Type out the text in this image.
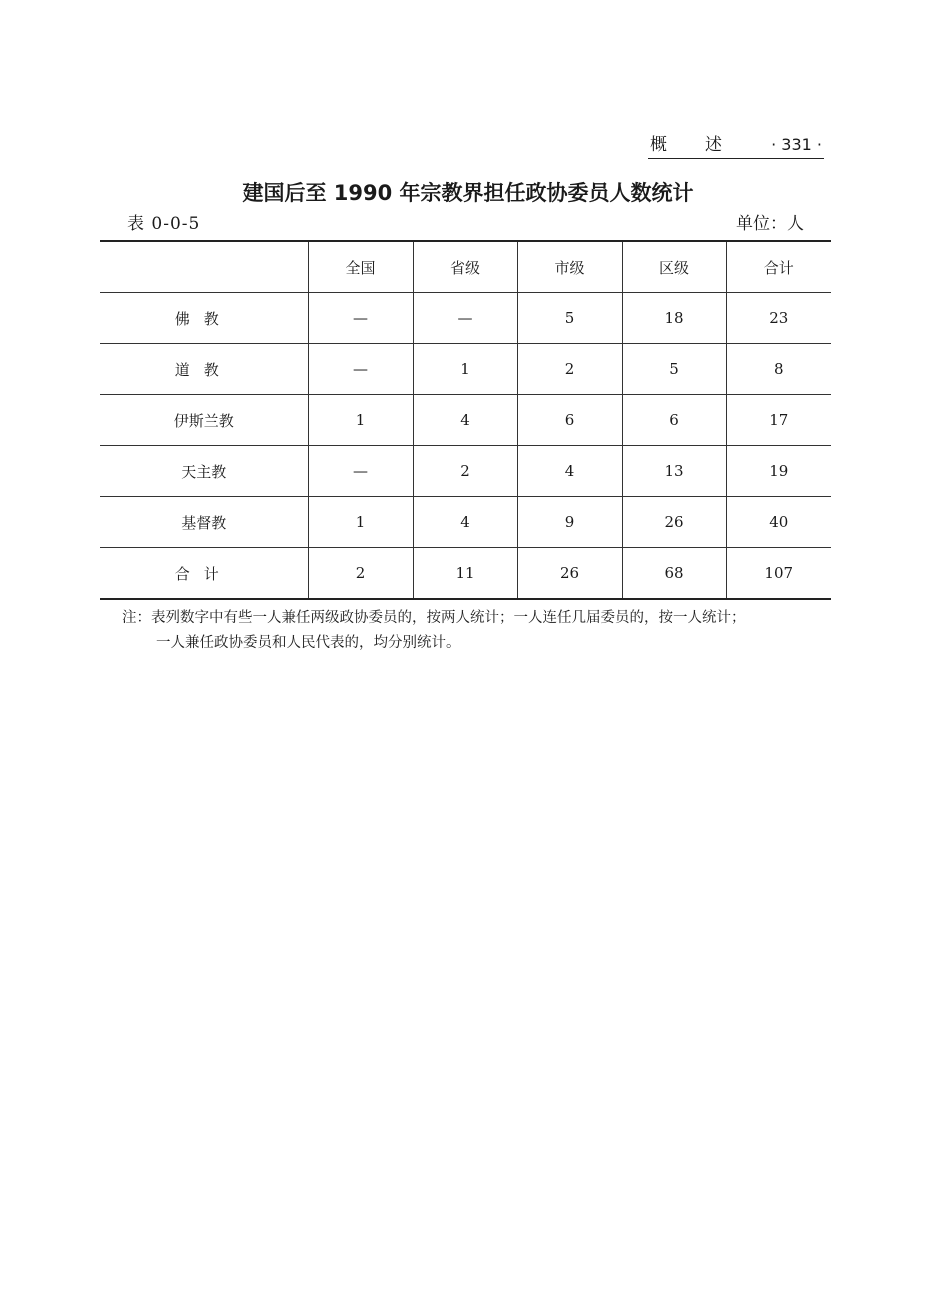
概述 · 331 ·
建国后至 1990 年宗教界担任政协委员人数统计
表 0-0-5	单位：人
	全国	省级	市级	区级	合计
佛教	—	—	5	18	23
道教	—	1	2	5	8
伊斯兰教	1	4	6	6	17
天主教	—	2	4	13	19
基督教	1	4	9	26	40
合计	2	11	26	68	107
注：表列数字中有些一人兼任两级政协委员的，按两人统计；一人连任几届委员的，按一人统计；
一人兼任政协委员和人民代表的，均分别统计。
